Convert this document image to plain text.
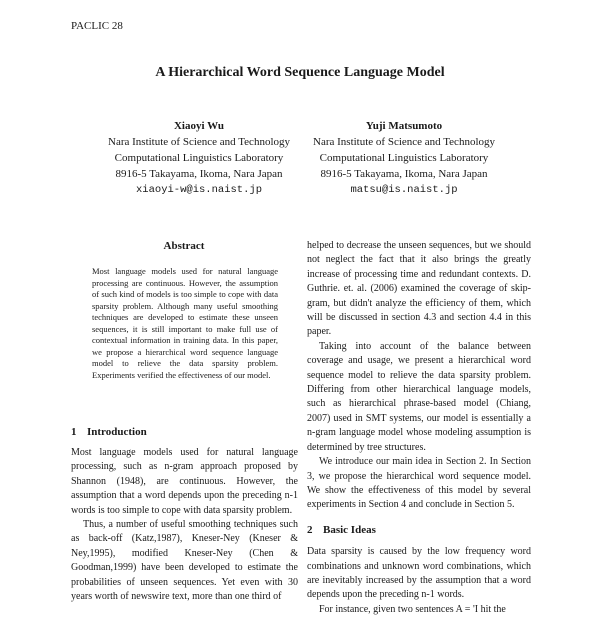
PACLIC 28
A Hierarchical Word Sequence Language Model
Xiaoyi Wu
Nara Institute of Science and Technology
Computational Linguistics Laboratory
8916-5 Takayama, Ikoma, Nara Japan
xiaoyi-w@is.naist.jp
Yuji Matsumoto
Nara Institute of Science and Technology
Computational Linguistics Laboratory
8916-5 Takayama, Ikoma, Nara Japan
matsu@is.naist.jp
Abstract
Most language models used for natural language processing are continuous. However, the assumption of such kind of models is too simple to cope with data sparsity problem. Although many useful smoothing techniques are developed to estimate these unseen sequences, it is still important to make full use of contextual information in training data. In this paper, we propose a hierarchical word sequence language model to relieve the data sparsity problem. Experiments verified the effectiveness of our model.
1 Introduction

Most language models used for natural language processing, such as n-gram approach proposed by Shannon (1948), are continuous. However, the assumption that a word depends upon the preceding n-1 words is too simple to cope with data sparsity problem.

Thus, a number of useful smoothing techniques such as back-off (Katz,1987), Kneser-Ney (Kneser & Ney,1995), modified Kneser-Ney (Chen & Goodman,1999) have been developed to estimate the probabilities of unseen sequences. Yet even with 30 years worth of newswire text, more than one third of

helped to decrease the unseen sequences, but we should not neglect the fact that it also brings the greatly increase of processing time and redundant contexts. D. Guthrie. et. al. (2006) examined the coverage of skip-gram, but didn't analyze the efficiency of them, which will be discussed in section 4.3 and section 4.4 in this paper.

Taking into account of the balance between coverage and usage, we present a hierarchical word sequence model to relieve the data sparsity problem. Differing from other hierarchical language models, such as hierarchical phrase-based model (Chiang, 2007) used in SMT systems, our model is essentially a n-gram language model whose modeling assumption is determined by tree structures.

We introduce our main idea in Section 2. In Section 3, we propose the hierarchical word sequence model. We show the effectiveness of this model by several experiments in Section 4 and conclude in Section 5.

2 Basic Ideas

Data sparsity is caused by the low frequency word combinations and unknown word combinations, which are inevitably increased by the assumption that a word depends upon the preceding n-1 words.

For instance, given two sentences A = 'I hit the
